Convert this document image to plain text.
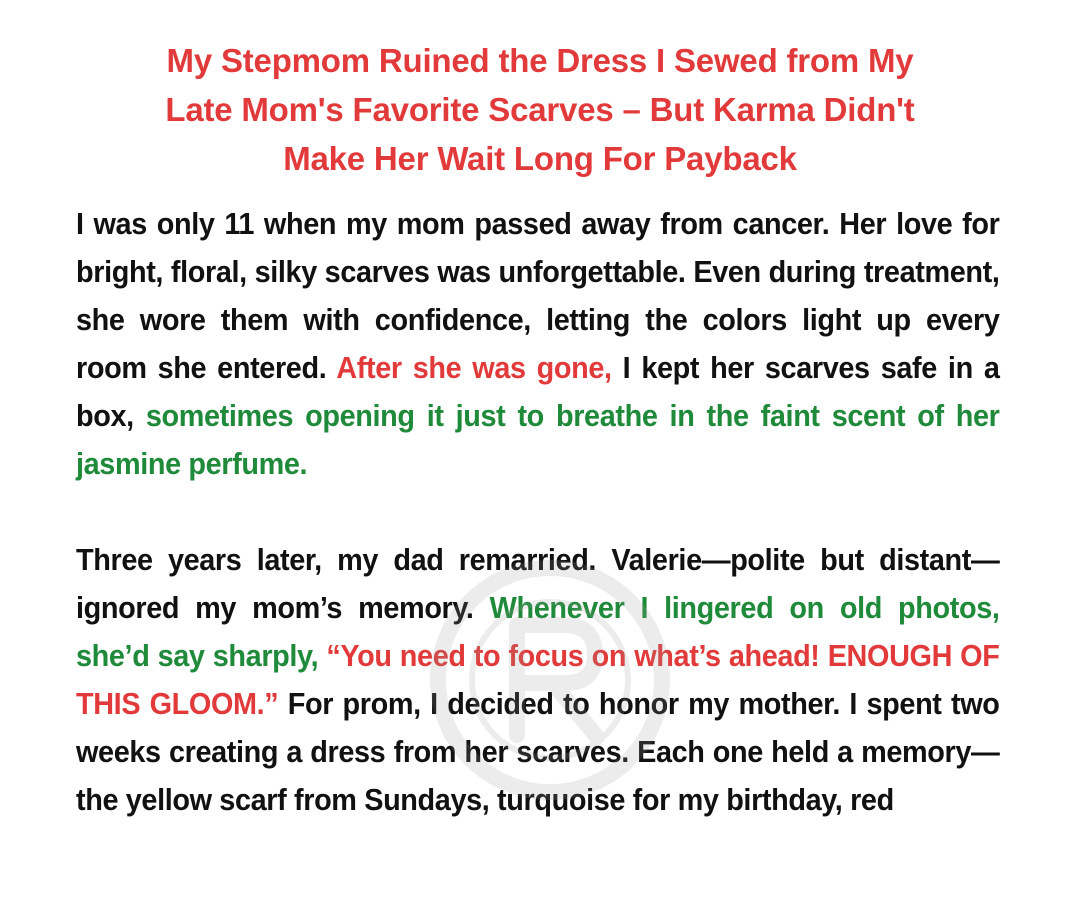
My Stepmom Ruined the Dress I Sewed from My
Late Mom's Favorite Scarves – But Karma Didn't
Make Her Wait Long For Payback

I was only 11 when my mom passed away from cancer. Her love for bright, floral, silky scarves was unforgettable. Even during treatment, she wore them with confidence, letting the colors light up every room she entered. After she was gone, I kept her scarves safe in a box, sometimes opening it just to breathe in the faint scent of her jasmine perfume.

Three years later, my dad remarried. Valerie—polite but distant—ignored my mom’s memory. Whenever I lingered on old photos, she’d say sharply, “You need to focus on what’s ahead! ENOUGH OF THIS GLOOM.” For prom, I decided to honor my mother. I spent two weeks creating a dress from her scarves. Each one held a memory—the yellow scarf from Sundays, turquoise for my birthday, red
